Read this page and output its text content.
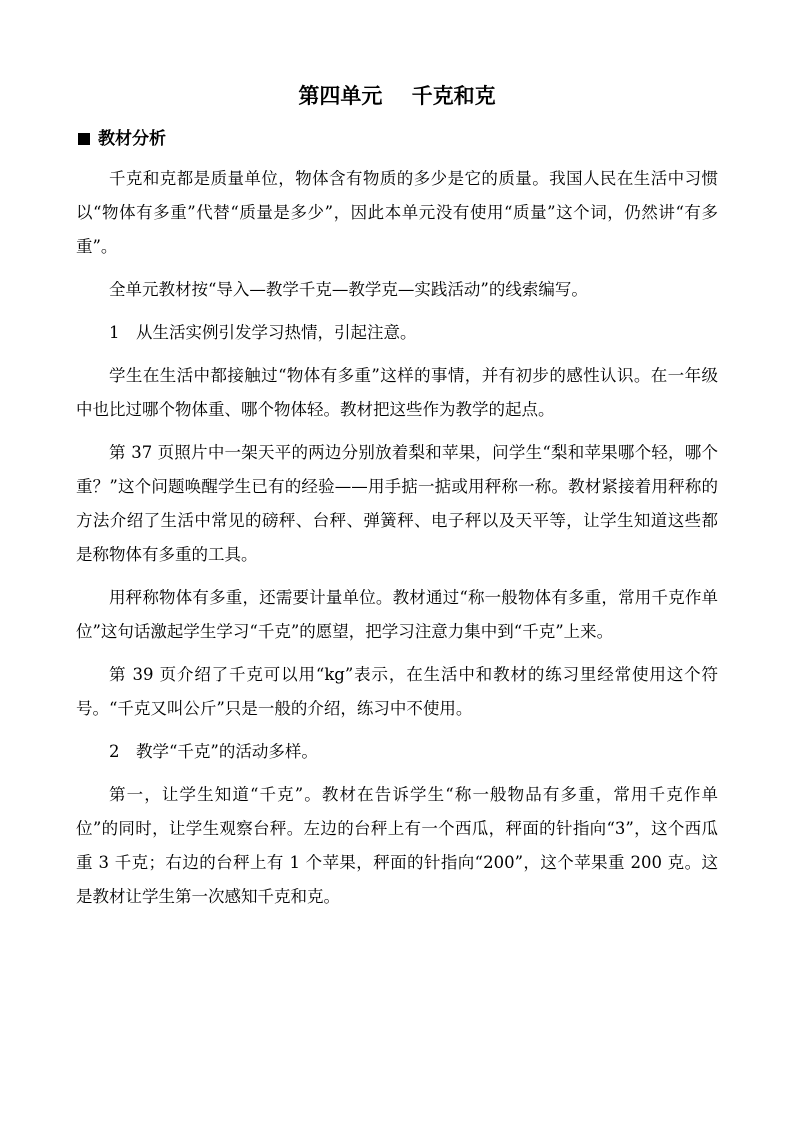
第四单元    千克和克
教材分析

千克和克都是质量单位，物体含有物质的多少是它的质量。我国人民在生活中习惯以“物体有多重”代替“质量是多少”，因此本单元没有使用“质量”这个词，仍然讲“有多重”。

全单元教材按“导入—教学千克—教学克—实践活动”的线索编写。

1　从生活实例引发学习热情，引起注意。

学生在生活中都接触过“物体有多重”这样的事情，并有初步的感性认识。在一年级中也比过哪个物体重、哪个物体轻。教材把这些作为教学的起点。

第 37 页照片中一架天平的两边分别放着梨和苹果，问学生“梨和苹果哪个轻，哪个重？”这个问题唤醒学生已有的经验——用手掂一掂或用秤称一称。教材紧接着用秤称的方法介绍了生活中常见的磅秤、台秤、弹簧秤、电子秤以及天平等，让学生知道这些都是称物体有多重的工具。

用秤称物体有多重，还需要计量单位。教材通过“称一般物体有多重，常用千克作单位”这句话激起学生学习“千克”的愿望，把学习注意力集中到“千克”上来。

第 39 页介绍了千克可以用“kg”表示，在生活中和教材的练习里经常使用这个符号。“千克又叫公斤”只是一般的介绍，练习中不使用。

2　教学“千克”的活动多样。

第一，让学生知道“千克”。教材在告诉学生“称一般物品有多重，常用千克作单位”的同时，让学生观察台秤。左边的台秤上有一个西瓜，秤面的针指向“3”，这个西瓜重 3 千克；右边的台秤上有 1 个苹果，秤面的针指向“200”，这个苹果重 200 克。这是教材让学生第一次感知千克和克。
